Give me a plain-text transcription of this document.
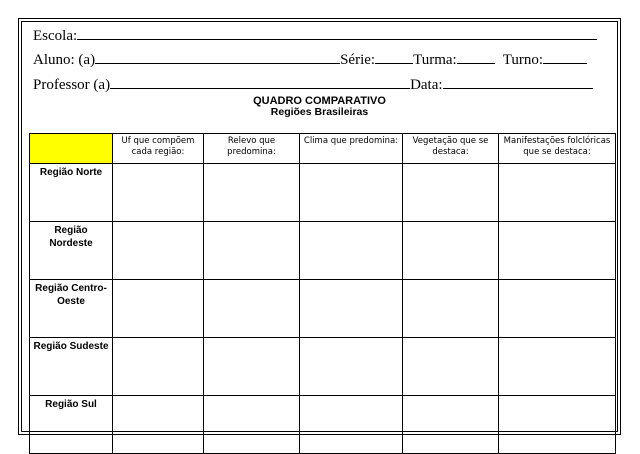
Escola:
Aluno: (a)	Série:	Turma:	Turno:
Professor (a)	Data:
QUADRO COMPARATIVO
Regiões Brasileiras
	Uf que compõem cada região:	Relevo que predomina:	Clima que predomina:	Vegetação que se destaca:	Manifestações folclóricas que se destaca:
Região Norte					
Região Nordeste					
Região Centro-Oeste					
Região Sudeste					
Região Sul					
